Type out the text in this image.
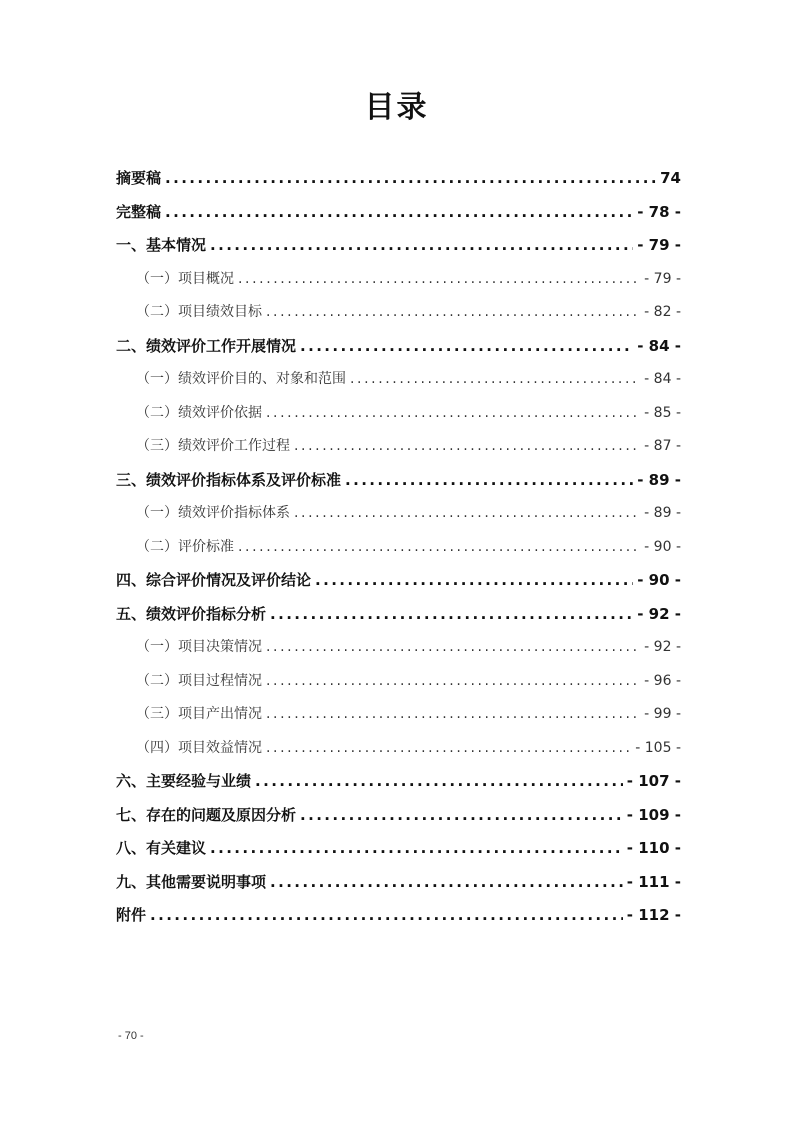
目录
摘要稿 .....	74
完整稿 .....	- 78 -
一、基本情况 .....	- 79 -
（一）项目概况 .....	- 79 -
（二）项目绩效目标 .....	- 82 -
二、绩效评价工作开展情况 .....	- 84 -
（一）绩效评价目的、对象和范围 .....	- 84 -
（二）绩效评价依据 .....	- 85 -
（三）绩效评价工作过程 .....	- 87 -
三、绩效评价指标体系及评价标准 .....	- 89 -
（一）绩效评价指标体系 .....	- 89 -
（二）评价标准 .....	- 90 -
四、综合评价情况及评价结论 .....	- 90 -
五、绩效评价指标分析 .....	- 92 -
（一）项目决策情况 .....	- 92 -
（二）项目过程情况 .....	- 96 -
（三）项目产出情况 .....	- 99 -
（四）项目效益情况 .....	- 105 -
六、主要经验与业绩 .....	- 107 -
七、存在的问题及原因分析 .....	- 109 -
八、有关建议 .....	- 110 -
九、其他需要说明事项 .....	- 111 -
附件 .....	- 112 -
- 70 -
